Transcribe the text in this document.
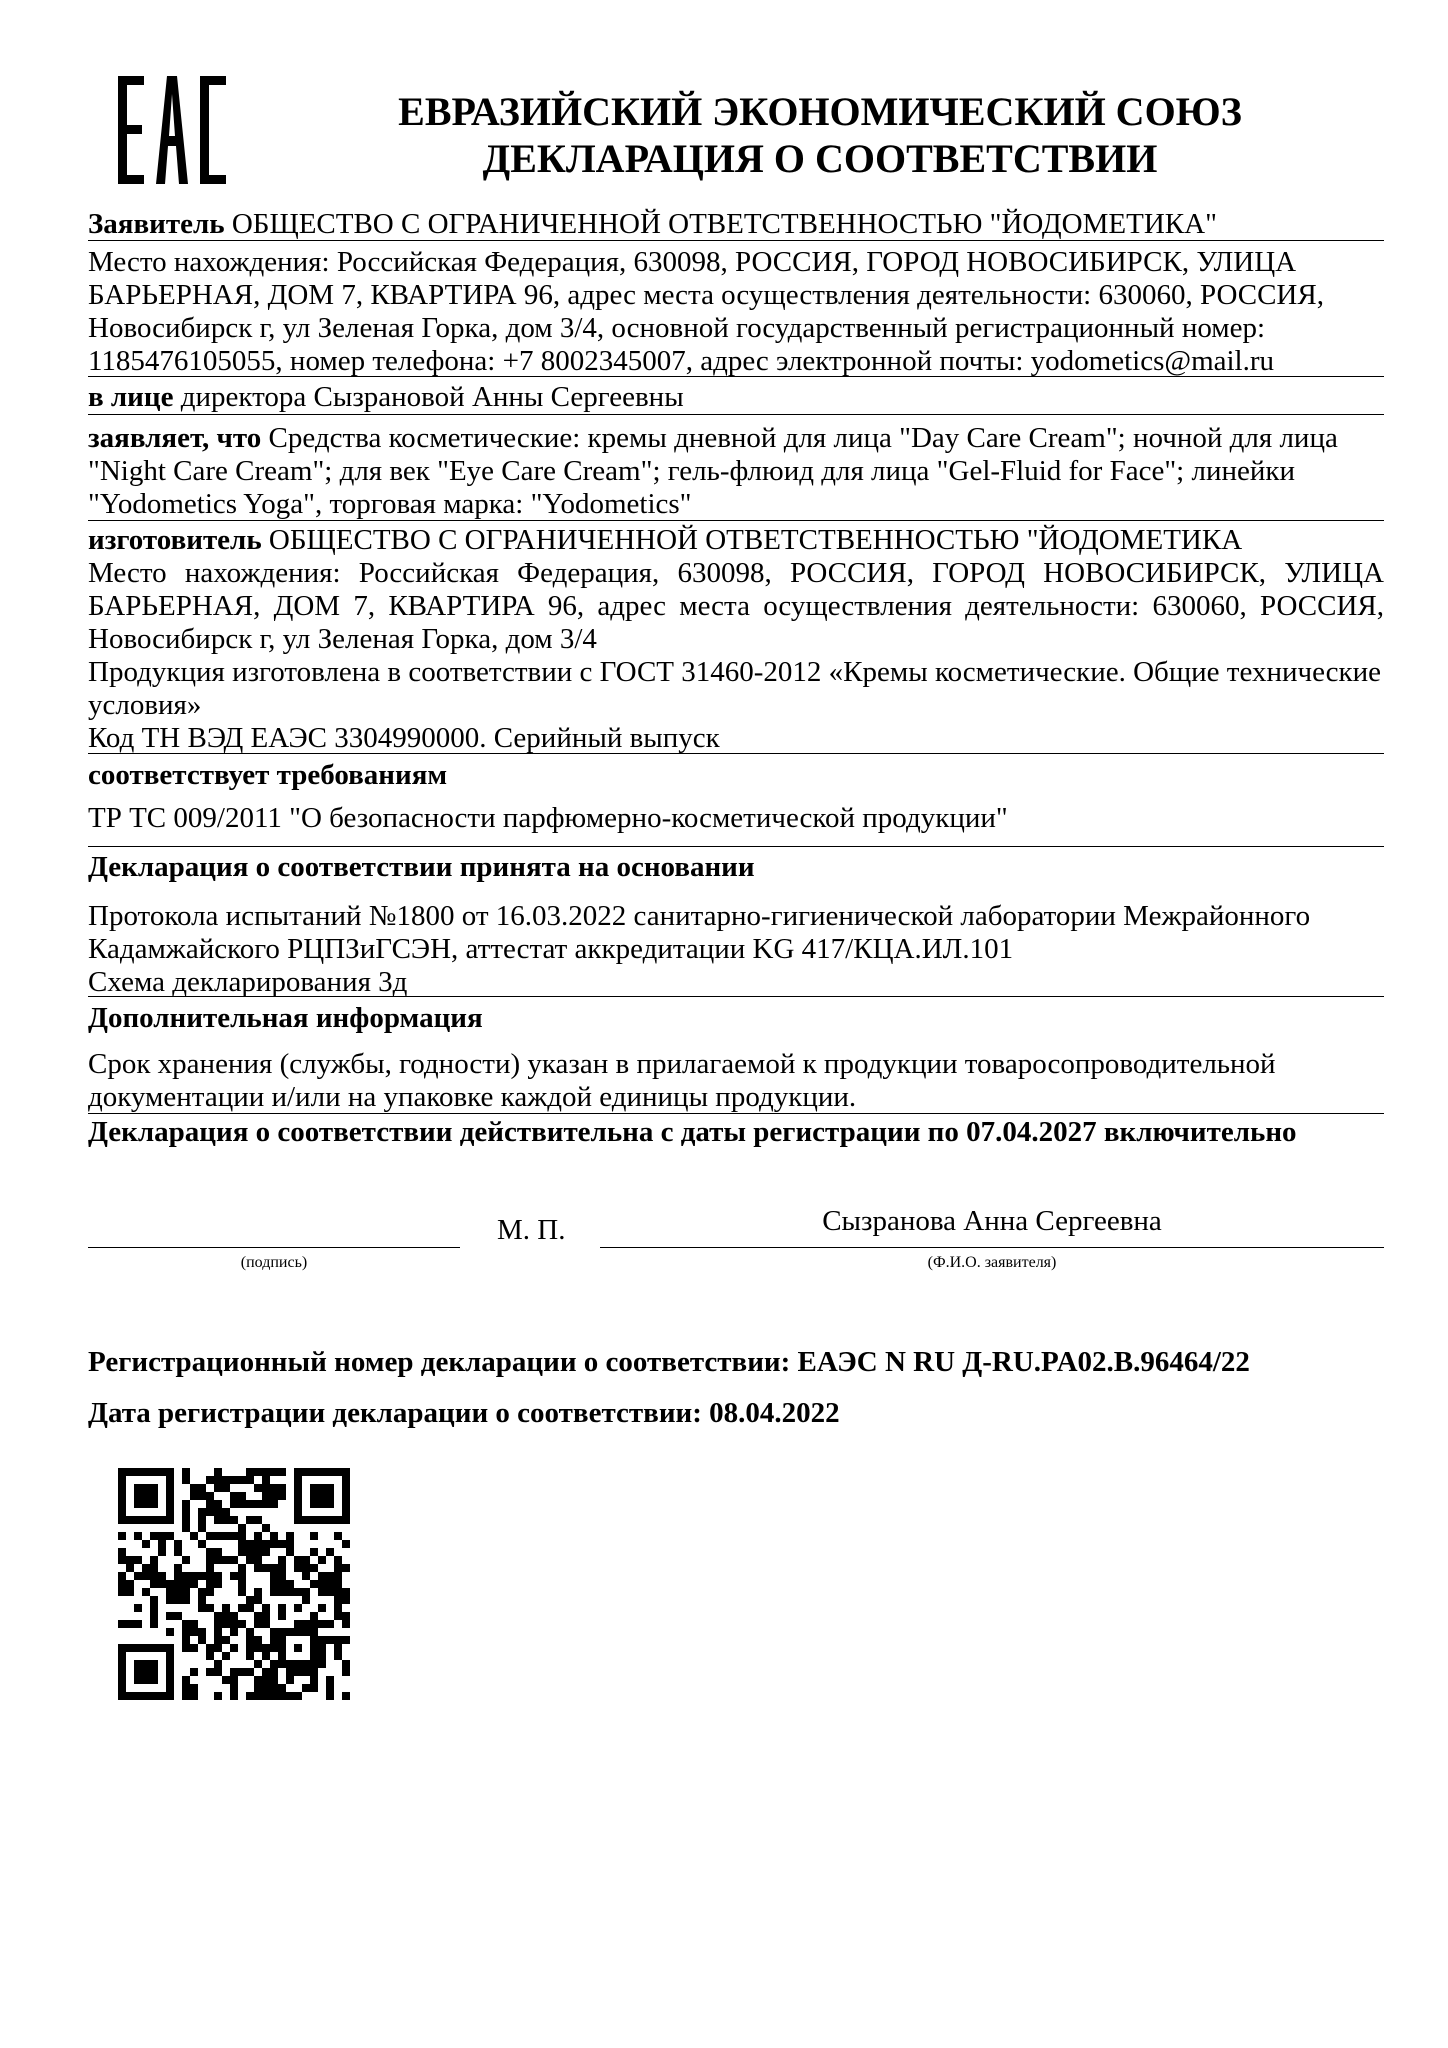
ЕВРАЗИЙСКИЙ ЭКОНОМИЧЕСКИЙ СОЮЗ
ДЕКЛАРАЦИЯ О СООТВЕТСТВИИ
Заявитель ОБЩЕСТВО С ОГРАНИЧЕННОЙ ОТВЕТСТВЕННОСТЬЮ "ЙОДОМЕТИКА"
Место нахождения: Российская Федерация, 630098, РОССИЯ, ГОРОД НОВОСИБИРСК, УЛИЦА
БАРЬЕРНАЯ, ДОМ 7, КВАРТИРА 96, адрес места осуществления деятельности: 630060, РОССИЯ,
Новосибирск г, ул Зеленая Горка, дом 3/4, основной государственный регистрационный номер:
1185476105055, номер телефона: +7 8002345007, адрес электронной почты: yodometics@mail.ru
в лице директора Сызрановой Анны Сергеевны
заявляет, что Средства косметические: кремы дневной для лица "Day Care Cream"; ночной для лица
"Night Care Cream"; для век "Eye Care Cream"; гель-флюид для лица "Gel-Fluid for Face"; линейки
"Yodometics Yoga", торговая марка: "Yodometics"
изготовитель ОБЩЕСТВО С ОГРАНИЧЕННОЙ ОТВЕТСТВЕННОСТЬЮ "ЙОДОМЕТИКА
Место нахождения: Российская Федерация, 630098, РОССИЯ, ГОРОД НОВОСИБИРСК, УЛИЦА
БАРЬЕРНАЯ, ДОМ 7, КВАРТИРА 96, адрес места осуществления деятельности: 630060, РОССИЯ,
Новосибирск г, ул Зеленая Горка, дом 3/4
Продукция изготовлена в соответствии с ГОСТ 31460-2012 «Кремы косметические. Общие технические
условия»
Код ТН ВЭД ЕАЭС 3304990000. Серийный выпуск
соответствует требованиям
ТР ТС 009/2011 "О безопасности парфюмерно-косметической продукции"
Декларация о соответствии принята на основании
Протокола испытаний №1800 от 16.03.2022 санитарно-гигиенической лаборатории Межрайонного
Кадамжайского РЦПЗиГСЭН, аттестат аккредитации KG 417/КЦА.ИЛ.101
Схема декларирования 3д
Дополнительная информация
Срок хранения (службы, годности) указан в прилагаемой к продукции товаросопроводительной
документации и/или на упаковке каждой единицы продукции.
Декларация о соответствии действительна с даты регистрации по 07.04.2027 включительно
М. П.	Сызранова Анна Сергеевна
(подпись)	(Ф.И.О. заявителя)
Регистрационный номер декларации о соответствии: ЕАЭС N RU Д-RU.PA02.B.96464/22
Дата регистрации декларации о соответствии: 08.04.2022
